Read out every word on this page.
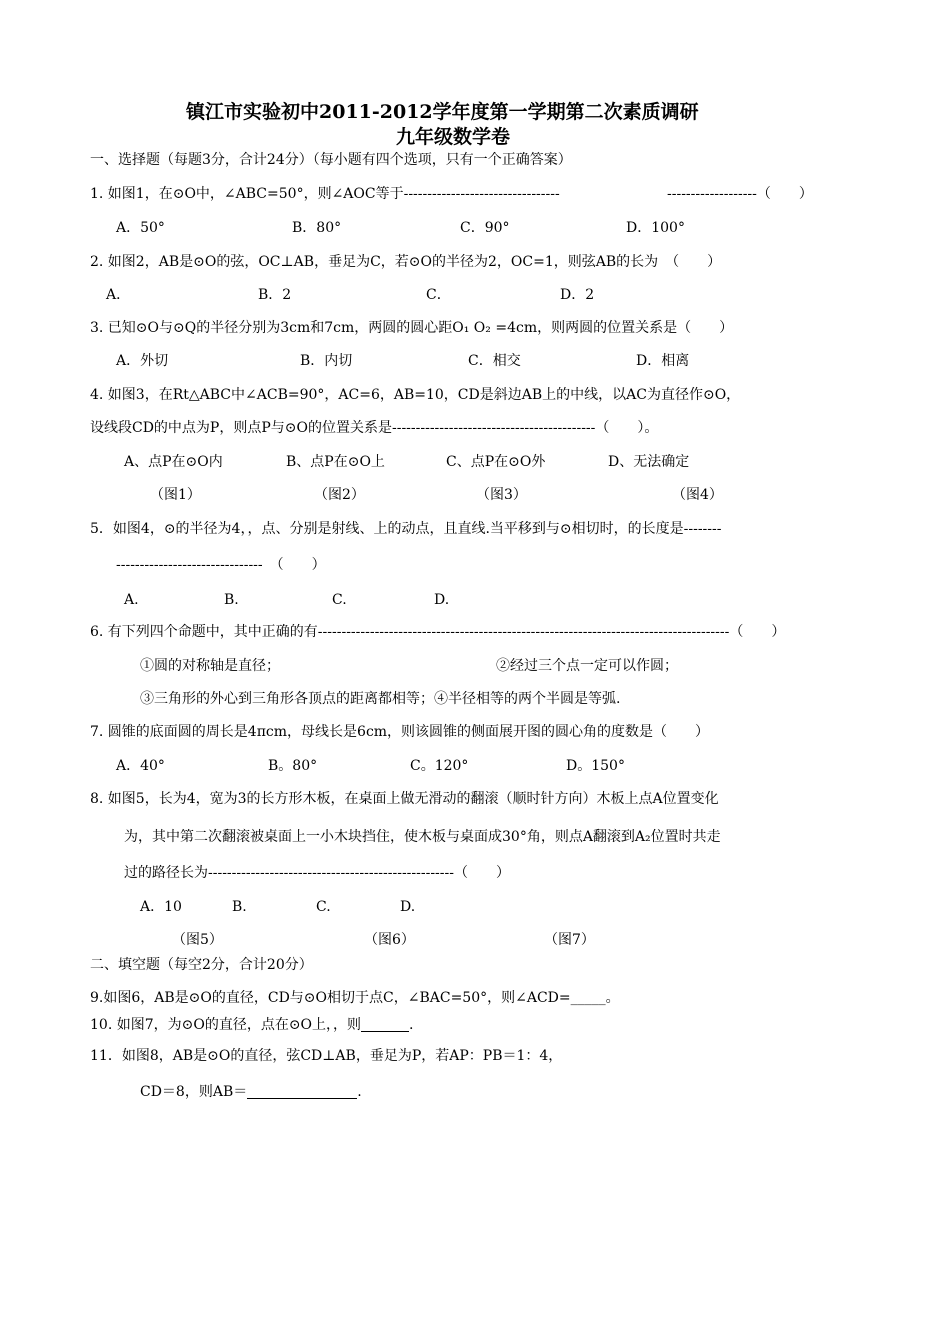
镇江市实验初中2011-2012学年度第一学期第二次素质调研
九年级数学卷
一、选择题（每题3分，合计24分）（每小题有四个选项，只有一个正确答案）
1. 如图1，在⊙O中，∠ABC=50°，则∠AOC等于---------------------------------	-------------------（　　）
A．50°	B．80°	C．90°	D．100°
2. 如图2，AB是⊙O的弦，OC⊥AB，垂足为C，若⊙O的半径为2，OC=1，则弦AB的长为　（　　）
A．	B．2	C．	D．2
3. 已知⊙O与⊙Q的半径分别为3cm和7cm，两圆的圆心距O₁ O₂ =4cm，则两圆的位置关系是（　　）
A．外切	B．内切	C．相交	D．相离
4. 如图3，在Rt△ABC中∠ACB=90°，AC=6，AB=10，CD是斜边AB上的中线，以AC为直径作⊙O，
设线段CD的中点为P，则点P与⊙O的位置关系是-------------------------------------------（　　）。
A、点P在⊙O内	B、点P在⊙O上	C、点P在⊙O外	D、无法确定
（图1）	（图2）	（图3）	（图4）
5．如图4，⊙的半径为4，，点、分别是射线、上的动点，且直线.当平移到与⊙相切时，的长度是--------
-------------------------------　（　　）
A.	B.	C.	D.
6. 有下列四个命题中，其中正确的有---------------------------------------------------------------------------------------（　　）
①圆的对称轴是直径；	②经过三个点一定可以作圆；
③三角形的外心到三角形各顶点的距离都相等；④半径相等的两个半圆是等弧.
7. 圆锥的底面圆的周长是4πcm，母线长是6cm，则该圆锥的侧面展开图的圆心角的度数是（　　）
A．40°	B。80°	C。120°	D。150°
8. 如图5，长为4，宽为3的长方形木板，在桌面上做无滑动的翻滚（顺时针方向）木板上点A位置变化
为，其中第二次翻滚被桌面上一小木块挡住，使木板与桌面成30°角，则点A翻滚到A₂位置时共走
过的路径长为----------------------------------------------------（　　）
A．10	B.	C.	D.
（图5）	（图6）	（图7）
二、填空题（每空2分，合计20分）
9.如图6，AB是⊙O的直径，CD与⊙O相切于点C，∠BAC=50°，则∠ACD=_____。
10. 如图7，为⊙O的直径，点在⊙O上，，则	.
11．如图8，AB是⊙O的直径，弦CD⊥AB，垂足为P，若AP：PB＝1：4，
CD＝8，则AB＝	.
